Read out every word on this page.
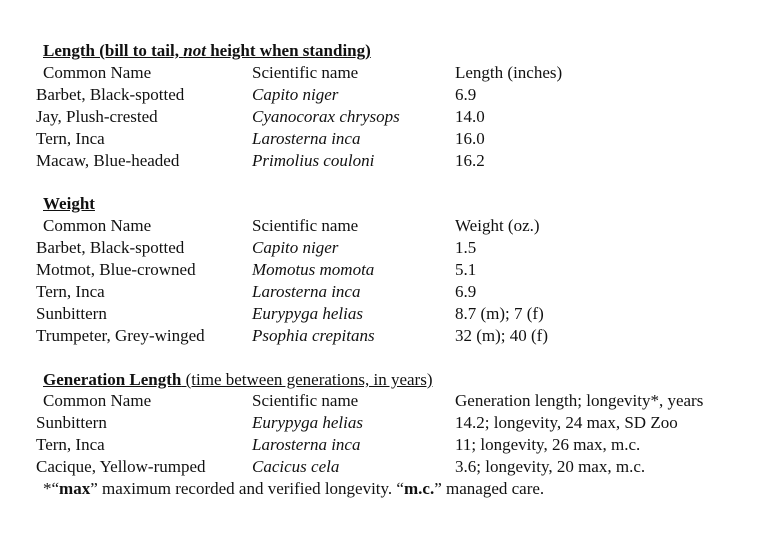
Length (bill to tail, not height when standing)
Common Name	Scientific name	Length (inches)
Barbet, Black-spotted	Capito niger	6.9
Jay, Plush-crested	Cyanocorax chrysops	14.0
Tern, Inca	Larosterna inca	16.0
Macaw, Blue-headed	Primolius couloni	16.2
Weight
Common Name	Scientific name	Weight (oz.)
Barbet, Black-spotted	Capito niger	1.5
Motmot, Blue-crowned	Momotus momota	5.1
Tern, Inca	Larosterna inca	6.9
Sunbittern	Eurypyga helias	8.7 (m); 7 (f)
Trumpeter, Grey-winged	Psophia crepitans	32 (m); 40 (f)
Generation Length (time between generations, in years)
Common Name	Scientific name	Generation length; longevity*, years
Sunbittern	Eurypyga helias	14.2; longevity, 24 max, SD Zoo
Tern, Inca	Larosterna inca	11; longevity, 26 max, m.c.
Cacique, Yellow-rumped	Cacicus cela	3.6; longevity, 20 max, m.c.
*“max” maximum recorded and verified longevity. “m.c.” managed care.
